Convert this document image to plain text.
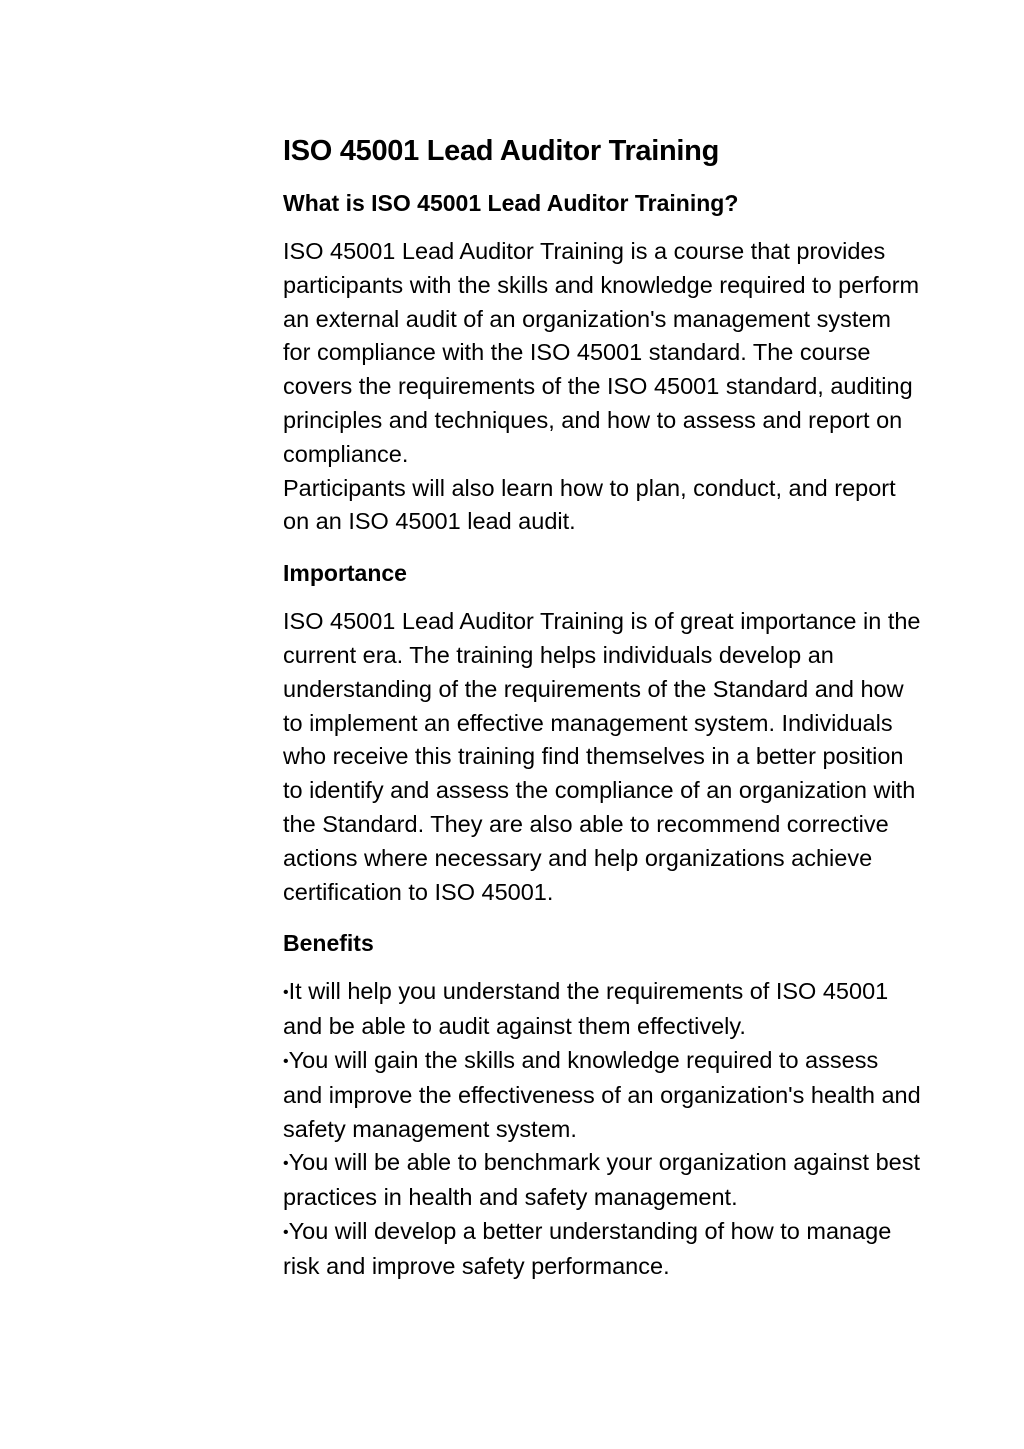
ISO 45001 Lead Auditor Training
What is ISO 45001 Lead Auditor Training?

ISO 45001 Lead Auditor Training is a course that provides participants with the skills and knowledge required to perform an external audit of an organization's management system for compliance with the ISO 45001 standard. The course covers the requirements of the ISO 45001 standard, auditing principles and techniques, and how to assess and report on compliance.

Participants will also learn how to plan, conduct, and report on an ISO 45001 lead audit.

Importance

ISO 45001 Lead Auditor Training is of great importance in the current era. The training helps individuals develop an understanding of the requirements of the Standard and how to implement an effective management system. Individuals who receive this training find themselves in a better position to identify and assess the compliance of an organization with the Standard. They are also able to recommend corrective actions where necessary and help organizations achieve certification to ISO 45001.

Benefits
•It will help you understand the requirements of ISO 45001 and be able to audit against them effectively.
•You will gain the skills and knowledge required to assess and improve the effectiveness of an organization's health and
safety management system.
•You will be able to benchmark your organization against best practices in health and safety management.
•You will develop a better understanding of how to manage risk and improve safety performance.
